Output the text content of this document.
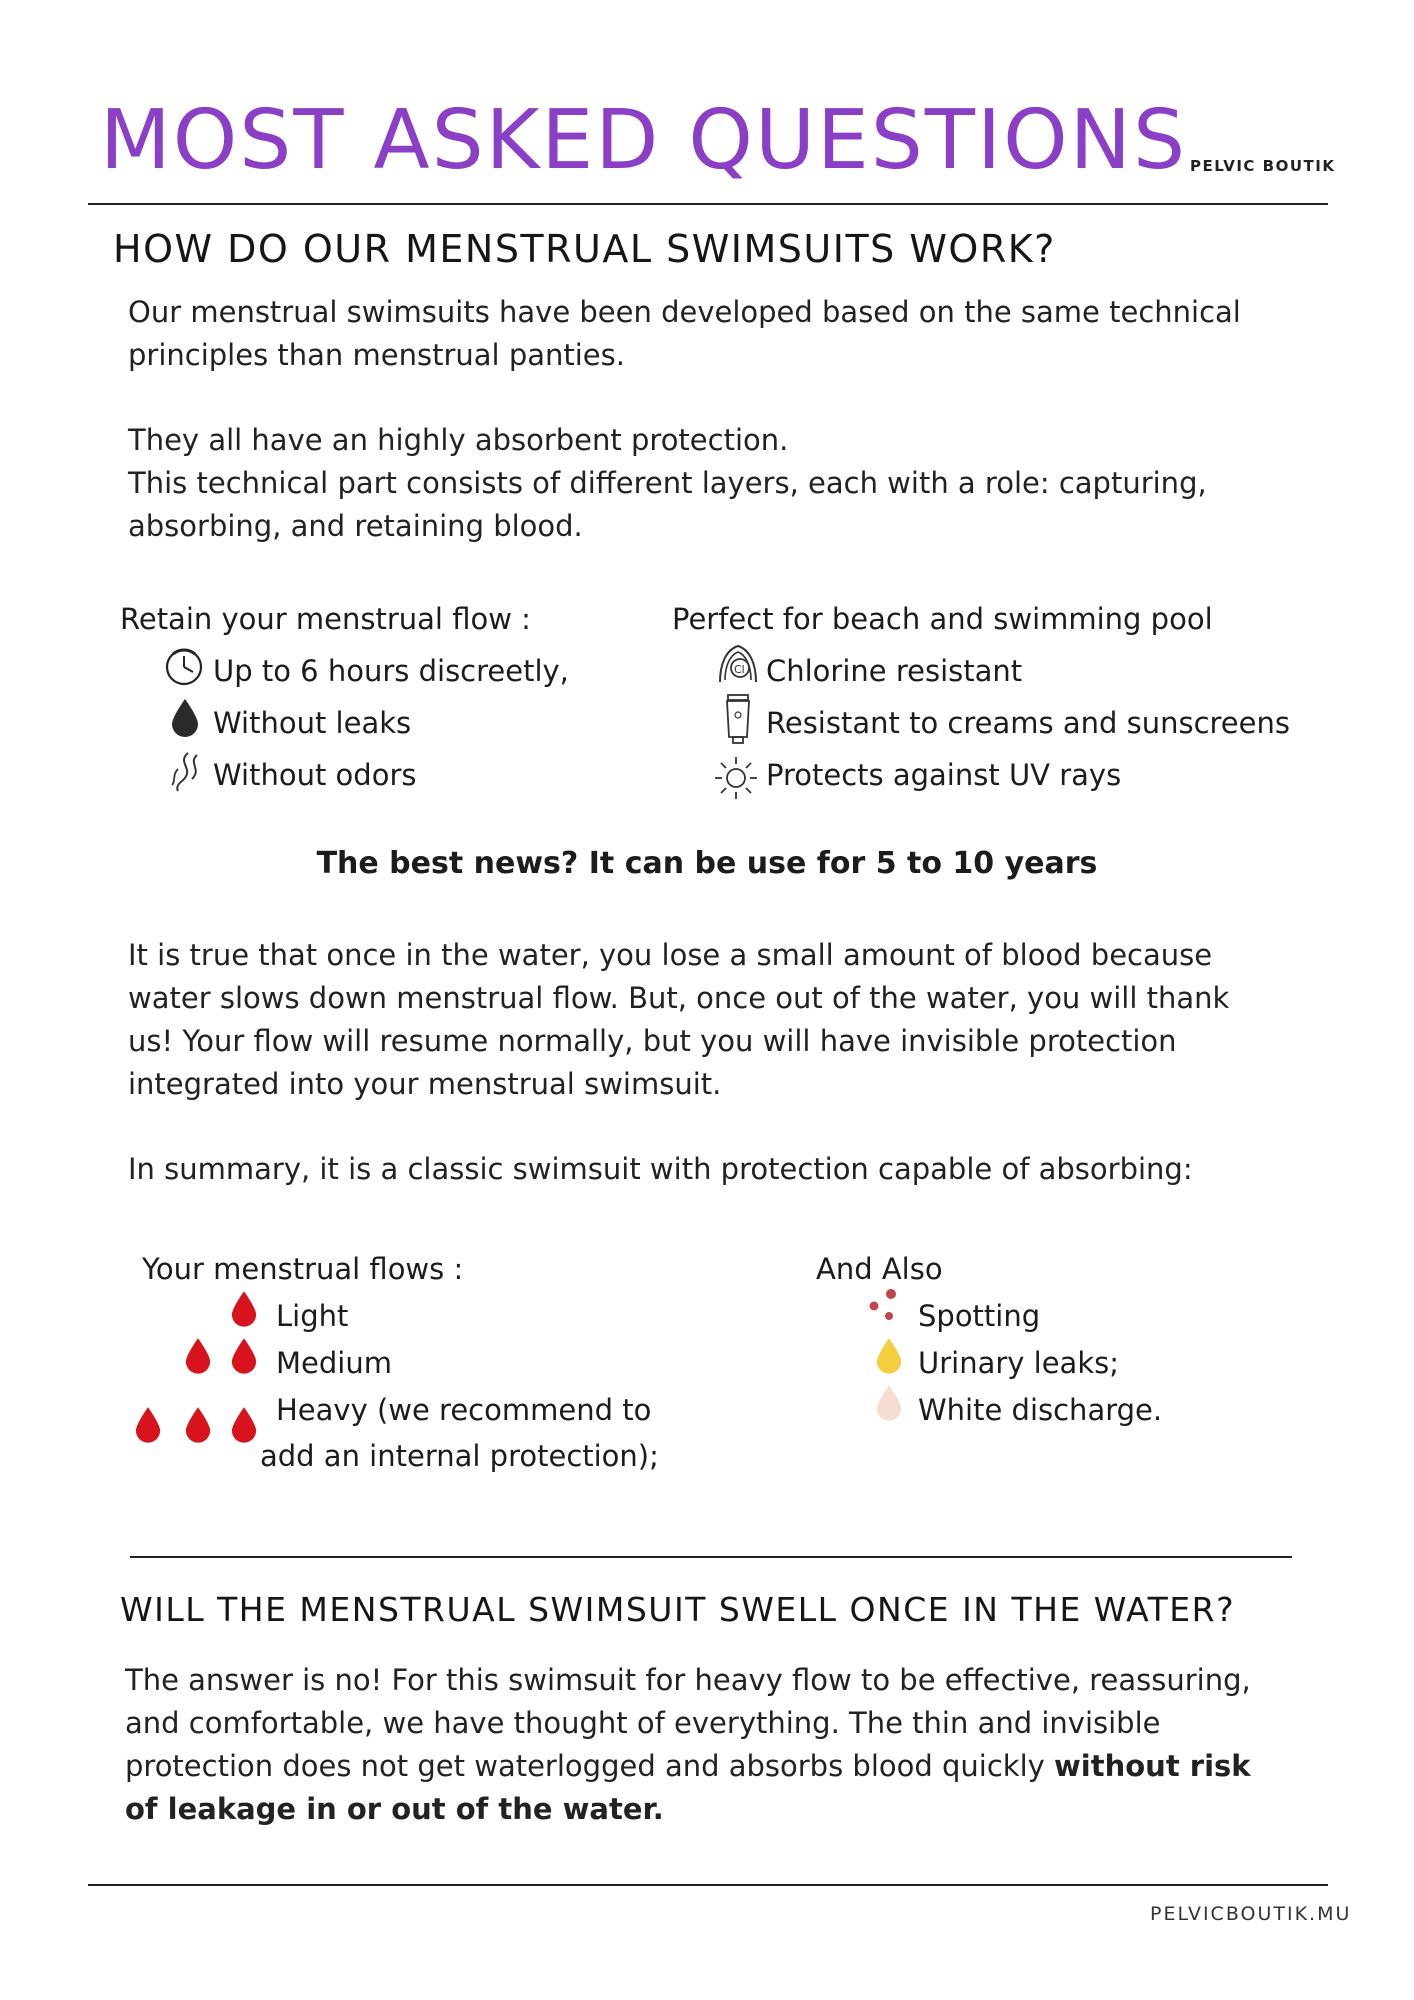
MOST ASKED QUESTIONS PELVIC BOUTIK
HOW DO OUR MENSTRUAL SWIMSUITS WORK?

Our menstrual swimsuits have been developed based on the same technical

principles than menstrual panties.

They all have an highly absorbent protection.

This technical part consists of different layers, each with a role: capturing,

absorbing, and retaining blood.

Retain your menstrual flow :
Up to 6 hours discreetly,
Without leaks
Without odors
Perfect for beach and swimming pool
Cl Chlorine resistant
Resistant to creams and sunscreens
Protects against UV rays
The best news? It can be use for 5 to 10 years

It is true that once in the water, you lose a small amount of blood because

water slows down menstrual flow. But, once out of the water, you will thank

us! Your flow will resume normally, but you will have invisible protection

integrated into your menstrual swimsuit.

In summary, it is a classic swimsuit with protection capable of absorbing:

Your menstrual flows :
Light
Medium
Heavy (we recommend to
add an internal protection);
And Also
Spotting
Urinary leaks;
White discharge.
WILL THE MENSTRUAL SWIMSUIT SWELL ONCE IN THE WATER?

The answer is no! For this swimsuit for heavy flow to be effective, reassuring,

and comfortable, we have thought of everything. The thin and invisible

protection does not get waterlogged and absorbs blood quickly without risk

of leakage in or out of the water.

PELVICBOUTIK.MU
